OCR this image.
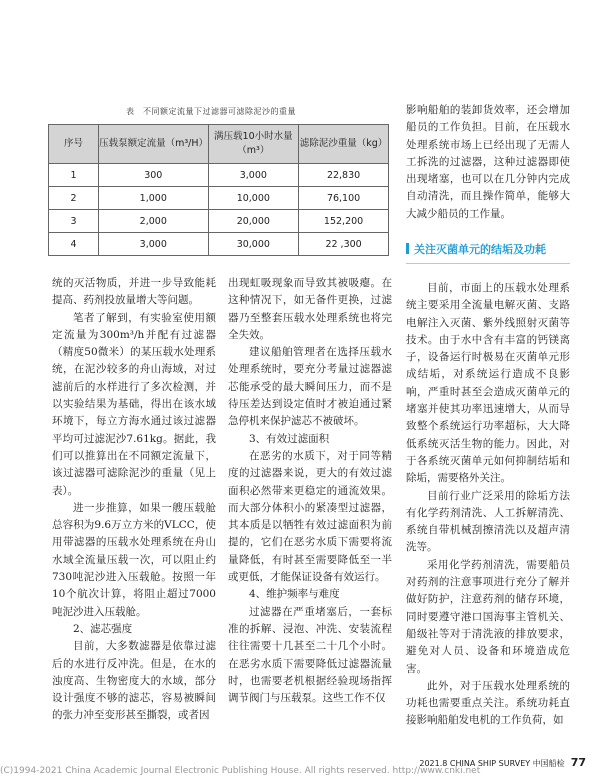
表　不同额定流量下过滤器可滤除泥沙的重量
序号	压载泵额定流量（m³/H）	满压载10小时水量（m³）	滤除泥沙重量（kg）
1	300	3,000	22,830
2	1,000	10,000	76,100
3	2,000	20,000	152,200
4	3,000	30,000	22 ,300

影响船舶的装卸货效率，还会增加船员的工作负担。目前，在压载水处理系统市场上已经出现了无需人工拆洗的过滤器，这种过滤器即使出现堵塞，也可以在几分钟内完成自动清洗，而且操作简单，能够大大减少船员的工作量。

关注灭菌单元的结垢及功耗

统的灭活物质，并进一步导致能耗提高、药剂投放量增大等问题。

笔者了解到，有实验室使用额定流量为300m³/h并配有过滤器（精度50微米）的某压载水处理系统，在泥沙较多的舟山海域，对过滤前后的水样进行了多次检测，并以实验结果为基础，得出在该水域环境下，每立方海水通过该过滤器平均可过滤泥沙7.61kg。据此，我们可以推算出在不同额定流量下，该过滤器可滤除泥沙的重量（见上表）。

进一步推算，如果一艘压载舱总容积为9.6万立方米的VLCC，使用带滤器的压载水处理系统在舟山水域全流量压载一次，可以阻止约730吨泥沙进入压载舱。按照一年10个航次计算，将阻止超过7000吨泥沙进入压载舱。

2、滤芯强度

目前，大多数滤器是依靠过滤后的水进行反冲洗。但是，在水的浊度高、生物密度大的水域，部分设计强度不够的滤芯，容易被瞬间的张力冲至变形甚至撕裂，或者因

出现虹吸现象而导致其被吸瘪。在这种情况下，如无备件更换，过滤器乃至整套压载水处理系统也将完全失效。

建议船舶管理者在选择压载水处理系统时，要充分考量过滤器滤芯能承受的最大瞬间压力，而不是待压差达到设定值时才被迫通过紧急停机来保护滤芯不被破坏。

3、有效过滤面积

在恶劣的水质下，对于同等精度的过滤器来说，更大的有效过滤面积必然带来更稳定的通流效果。而大部分体积小的紧凑型过滤器，其本质是以牺牲有效过滤面积为前提的，它们在恶劣水质下需要将流量降低，有时甚至需要降低至一半或更低，才能保证设备有效运行。

4、维护频率与难度

过滤器在严重堵塞后，一套标准的拆解、浸泡、冲洗、安装流程往往需要十几甚至二十几个小时。在恶劣水质下需要降低过滤器流量时，也需要老机根据经验现场指挥调节阀门与压载泵。这些工作不仅

目前，市面上的压载水处理系统主要采用全流量电解灭菌、支路电解注入灭菌、紫外线照射灭菌等技术。由于水中含有丰富的钙镁离子，设备运行时极易在灭菌单元形成结垢，对系统运行造成不良影响，严重时甚至会造成灭菌单元的堵塞并使其功率迅速增大，从而导致整个系统运行功率超标，大大降低系统灭活生物的能力。因此，对于各系统灭菌单元如何抑制结垢和除垢，需要格外关注。

目前行业广泛采用的除垢方法有化学药剂清洗、人工拆解清洗、系统自带机械刮擦清洗以及超声清洗等。

采用化学药剂清洗，需要船员对药剂的注意事项进行充分了解并做好防护，注意药剂的储存环境，同时要遵守港口国海事主管机关、船级社等对于清洗液的排放要求，避免对人员、设备和环境造成危害。

此外，对于压载水处理系统的功耗也需要重点关注。系统功耗直接影响船舶发电机的工作负荷，如

2021.8 CHINA SHIP SURVEY 中国船检 77
(C)1994-2021 China Academic Journal Electronic Publishing House. All rights reserved. http://www.cnki.net
